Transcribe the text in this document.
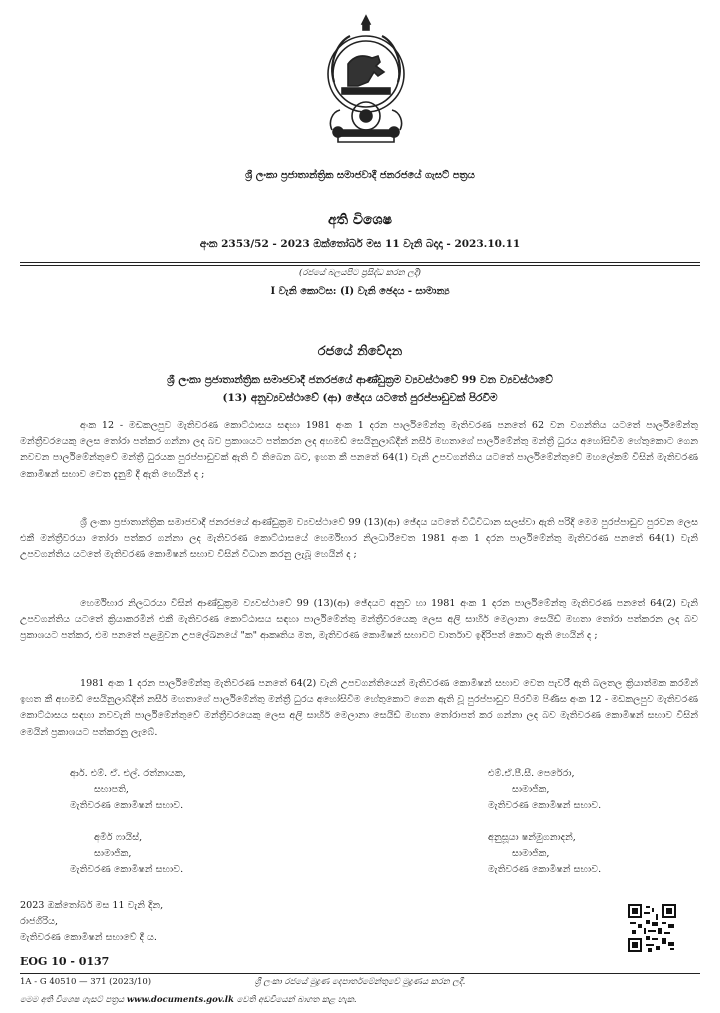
ශ්‍රී ලංකා ප්‍රජාතාන්ත්‍රික සමාජවාදී ජනරජයේ ගැසට් පත්‍රය
අති විශෙෂ
අංක 2353/52 - 2023 ඔක්තෝබර් මස 11 වැනි බදාදා - 2023.10.11
(රජයේ බලයපිට ප්‍රසිද්ධ කරන ලදී)
I වැනි කොටස: (I) වැනි ඡෙදය - සාමාන්‍ය
රජයේ නිවේදන
ශ්‍රී ලංකා ප්‍රජාතාන්ත්‍රික සමාජවාදී ජනරජයේ ආණ්ඩුක්‍රම ව්‍යවස්ථාවේ 99 වන ව්‍යවස්ථාවේ
(13) අනුව්‍යවස්ථාවේ (ආ) ඡේදය යටතේ පුරප්පාඩුවක් පිරවීම

අංක 12 - මඩකලපුව මැතිවරණ කොට්ඨාසය සඳහා 1981 අංක 1 දරන පාර්ලිමේන්තු මැතිවරණ පනතේ 62 වන වගන්තිය යටතේ පාර්ලිමේන්තු මන්ත්‍රීවරයෙකු ලෙස තෝරා පත්කර ගන්නා ලද බව ප්‍රකාශයට පත්කරන ලද අහමඩ් සෙයිනුලාබ්දීන් නසීර් මහතාගේ පාර්ලිමේන්තු මන්ත්‍රී ධුරය අහෝසිවීම හේතුකොට ගෙන නවවන පාර්ලිමේන්තුවේ මන්ත්‍රී ධුරයක පුරප්පාඩුවක් ඇති වී තිබෙන බව, ඉහත කී පනතේ 64(1) වැනි උපවගන්තිය යටතේ පාර්ලිමේන්තුවේ මහලේකම් විසින් මැතිවරණ කොමිෂන් සභාව වෙත දැනුම් දී ඇති හෙයින් ද ;

ශ්‍රී ලංකා ප්‍රජාතාන්ත්‍රික සමාජවාදී ජනරජයේ ආණ්ඩුක්‍රම ව්‍යවස්ථාවේ 99 (13)(ආ) ඡේදය යටතේ විධිවිධාන සලස්වා ඇති පරිදි මෙම පුරප්පාඩුව පුරවන ලෙස එකී මන්ත්‍රීවරයා තෝරා පත්කර ගන්නා ලද මැතිවරණ කොට්ඨාසයේ හෙර්මිභාර නිලධාරීවෙත 1981 අංක 1 දරන පාර්ලිමේන්තු මැතිවරණ පනතේ 64(1) වැනි උපවගන්තිය යටතේ මැතිවරණ කොමිෂන් සභාව විසින් විධාන කරනු ලැබූ හෙයින් ද ;

හෙර්මිභාර නිලධරයා විසින් ආණ්ඩුක්‍රම ව්‍යවස්ථාවේ 99 (13)(ආ) ඡේදයට අනුව හා 1981 අංක 1 දරන පාර්ලිමේන්තු මැතිවරණ පනතේ 64(2) වැනි උපවගන්තිය යටතේ ක්‍රියාකරමින් එකී මැතිවරණ කොට්ඨාසය සඳහා පාර්ලිමේන්තු මන්ත්‍රීවරයෙකු ලෙස අලි සාහිර් මෙලානා සෙයිඩ් මහතා තෝරා පත්කරන ලද බව ප්‍රකාශයට පත්කර, එම පනතේ පළමුවන උපලේඛනයේ "ක" ආකෘතිය මත, මැතිවරණ කොමිෂන් සභාවට වාර්තාව ඉදිරිපත් කොට ඇති හෙයින් ද ;

1981 අංක 1 දරන පාර්ලිමේන්තු මැතිවරණ පනතේ 64(2) වැනි උපවගන්තියෙන් මැතිවරණ කොමිෂන් සභාව වෙත පැවරී ඇති බලතල ක්‍රියාත්මක කරමින් ඉහත කී අහමඩ් සෙයිනුලාබ්දීන් නසීර් මහතාගේ පාර්ලිමේන්තු මන්ත්‍රී ධුරය අහෝසිවීම හේතුකොට ගෙන ඇති වූ පුරප්පාඩුව පිරවීම පිණිස අංක 12 - මඩකලපුව මැතිවරණ කොට්ඨාසය සඳහා නවවැනි පාර්ලිමේන්තුවේ මන්ත්‍රීවරයෙකු ලෙස අලි සාහිර් මෙලානා සෙයිඩ් මහතා තෝරාපත් කර ගන්නා ලද බව මැතිවරණ කොමිෂන් සභාව විසින් මෙයින් ප්‍රකාශයට පත්කරනු ලැබේ.

ආර්. එම්. ඒ. එල්. රත්නායක,
සභාපති,
මැතිවරණ කොමිෂන් සභාව.
එම්.ඒ.පී.සී. පෙරේරා,
සාමාජික,
මැතිවරණ කොමිෂන් සභාව.
අමීර් ෆායිස්,
සාමාජික,
මැතිවරණ කොමිෂන් සභාව.
අනුසූයා ෂන්මුගනාදන්,
සාමාජික,
මැතිවරණ කොමිෂන් සභාව.
2023 ඔක්තෝබර් මස 11 වැනි දින,
රාජගිරිය,
මැතිවරණ කොමිෂන් සභාවේ දී ය.
EOG 10 - 0137
1A - G 40510 — 371 (2023/10)	ශ්‍රී ලංකා රජයේ මුද්‍රණ දෙපාර්තමේන්තුවේ මුද්‍රණය කරන ලදී.
මෙම අති විශෙෂ ගැසට් පත්‍රය www.documents.gov.lk වෙති අඩවියෙන් බාගත කළ හැක.
